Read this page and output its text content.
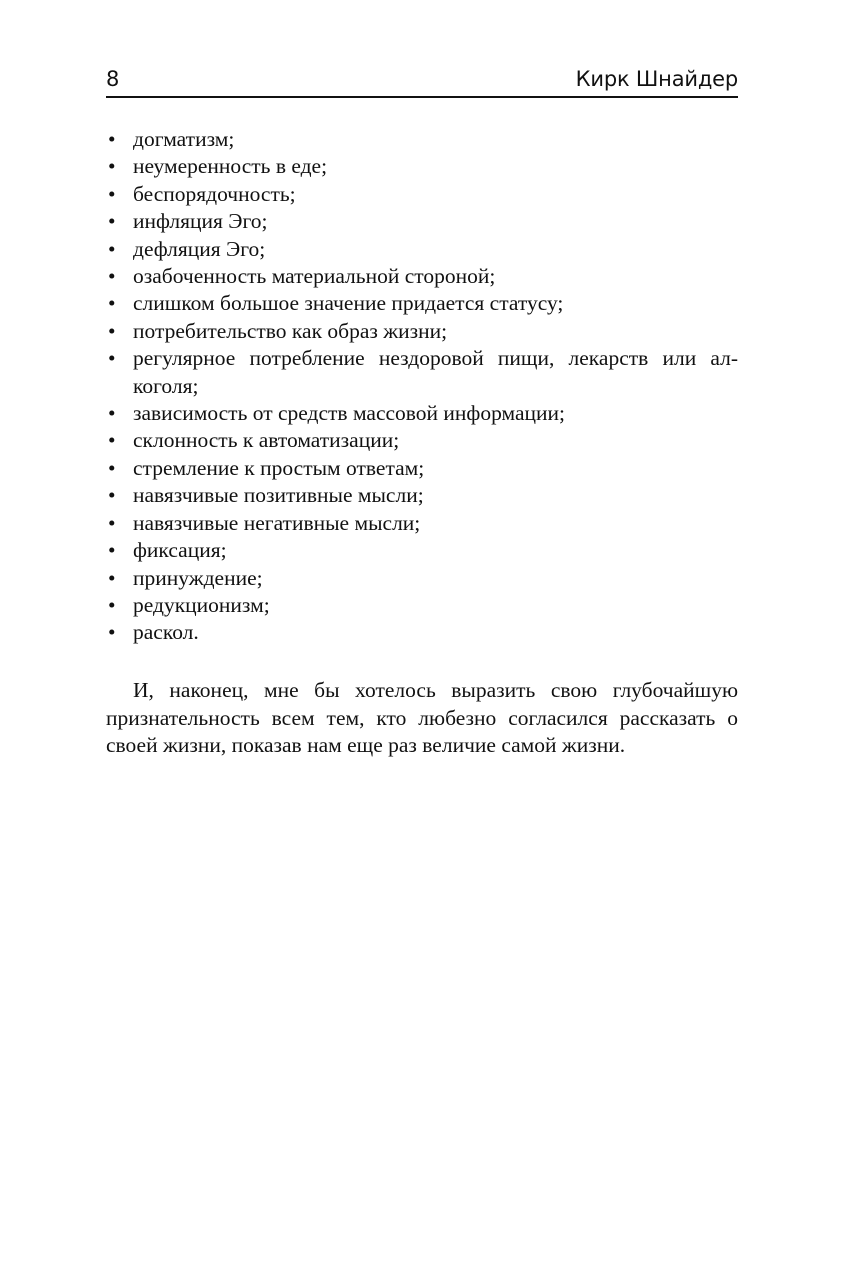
8	Кирк Шнайдер
• догматизм;
• неумеренность в еде;
• беспорядочность;
• инфляция Эго;
• дефляция Эго;
• озабоченность материальной стороной;
• слишком большое значение придается статусу;
• потребительство как образ жизни;
• регулярное потребление нездоровой пищи, лекарств или ал-коголя;
• зависимость от средств массовой информации;
• склонность к автоматизации;
• стремление к простым ответам;
• навязчивые позитивные мысли;
• навязчивые негативные мысли;
• фиксация;
• принуждение;
• редукционизм;
• раскол.

И, наконец, мне бы хотелось выразить свою глубочайшую признательность всем тем, кто любезно согласился рассказать о своей жизни, показав нам еще раз величие самой жизни.
